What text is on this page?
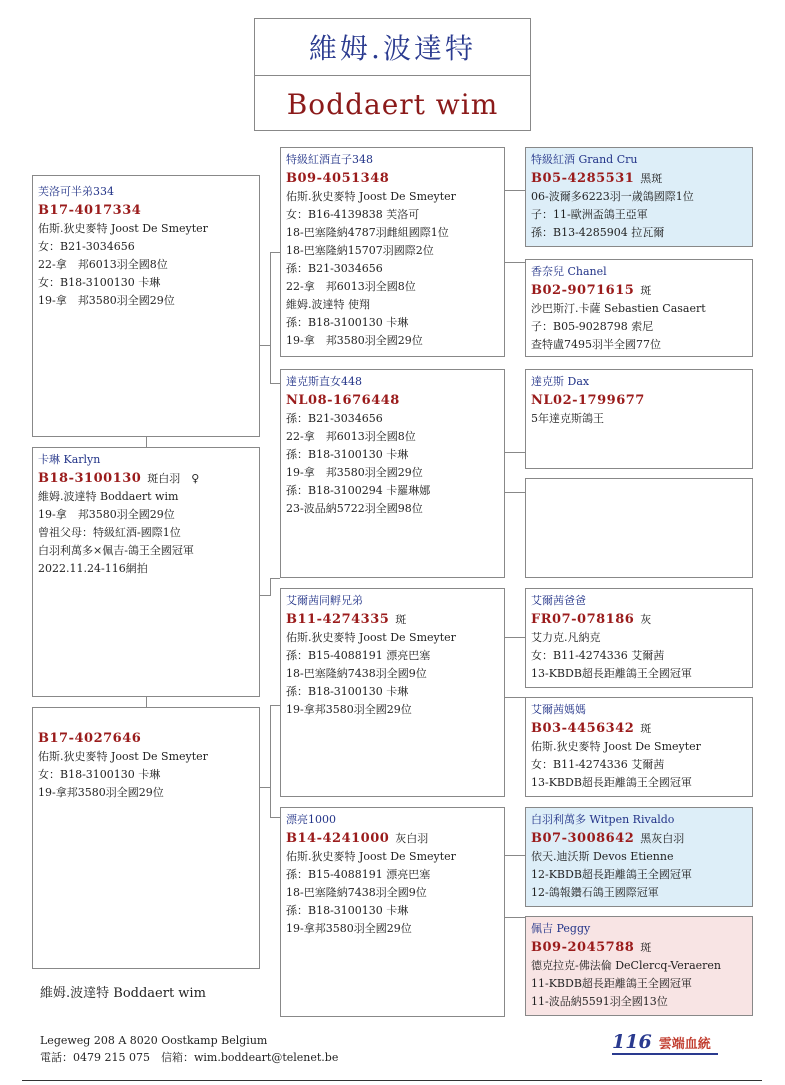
維姆.波達特
Boddaert wim
芙洛可半弟334
B17-4017334
佑斯.狄史麥特 Joost De Smeyter
女：B21-3034656
22-拿　邦6013羽全國8位
女：B18-3100130 卡琳
19-拿　邦3580羽全國29位
卡琳 Karlyn
B18-3100130 斑白羽　♀
維姆.波達特 Boddaert wim
19-拿　邦3580羽全國29位
曾祖父母：特級紅酒-國際1位
白羽利萬多×佩吉-鴿王全國冠軍
2022.11.24-116網拍
B17-4027646
佑斯.狄史麥特 Joost De Smeyter
女：B18-3100130 卡琳
19-拿邦3580羽全國29位
特級紅酒直子348
B09-4051348
佑斯.狄史麥特 Joost De Smeyter
女：B16-4139838 芙洛可
18-巴塞隆納4787羽雌組國際1位
18-巴塞隆納15707羽國際2位
孫：B21-3034656
22-拿　邦6013羽全國8位
維姆.波達特 使翔
孫：B18-3100130 卡琳
19-拿　邦3580羽全國29位
達克斯直女448
NL08-1676448
孫：B21-3034656
22-拿　邦6013羽全國8位
孫：B18-3100130 卡琳
19-拿　邦3580羽全國29位
孫：B18-3100294 卡羅琳娜
23-波品納5722羽全國98位
艾爾茜同孵兄弟
B11-4274335 斑
佑斯.狄史麥特 Joost De Smeyter
孫：B15-4088191 漂亮巴塞
18-巴塞隆納7438羽全國9位
孫：B18-3100130 卡琳
19-拿邦3580羽全國29位
漂亮1000
B14-4241000 灰白羽
佑斯.狄史麥特 Joost De Smeyter
孫：B15-4088191 漂亮巴塞
18-巴塞隆納7438羽全國9位
孫：B18-3100130 卡琳
19-拿邦3580羽全國29位
特級紅酒 Grand Cru
B05-4285531 黑斑
06-波爾多6223羽一歲鴿國際1位
子：11-歐洲盃鴿王亞軍
孫：B13-4285904 拉瓦爾
香奈兒 Chanel
B02-9071615 斑
沙巴斯汀.卡薩 Sebastien Casaert
子：B05-9028798 索尼
查特盧7495羽半全國77位
達克斯 Dax
NL02-1799677
5年達克斯鴿王
艾爾茜爸爸
FR07-078186 灰
艾力克.凡納克
女：B11-4274336 艾爾茜
13-KBDB超長距離鴿王全國冠軍
艾爾茜媽媽
B03-4456342 斑
佑斯.狄史麥特 Joost De Smeyter
女：B11-4274336 艾爾茜
13-KBDB超長距離鴿王全國冠軍
白羽利萬多 Witpen Rivaldo
B07-3008642 黑灰白羽
依天.迪沃斯 Devos Etienne
12-KBDB超長距離鴿王全國冠軍
12-鴿報鑽石鴿王國際冠軍
佩吉 Peggy
B09-2045788 斑
德克拉克-佛法倫 DeClercq-Veraeren
11-KBDB超長距離鴿王全國冠軍
11-波品納5591羽全國13位
維姆.波達特 Boddaert wim
Legeweg 208 A 8020 Oostkamp Belgium
電話：0479 215 075　信箱：wim.boddeart@telenet.be
116 雲端血統
